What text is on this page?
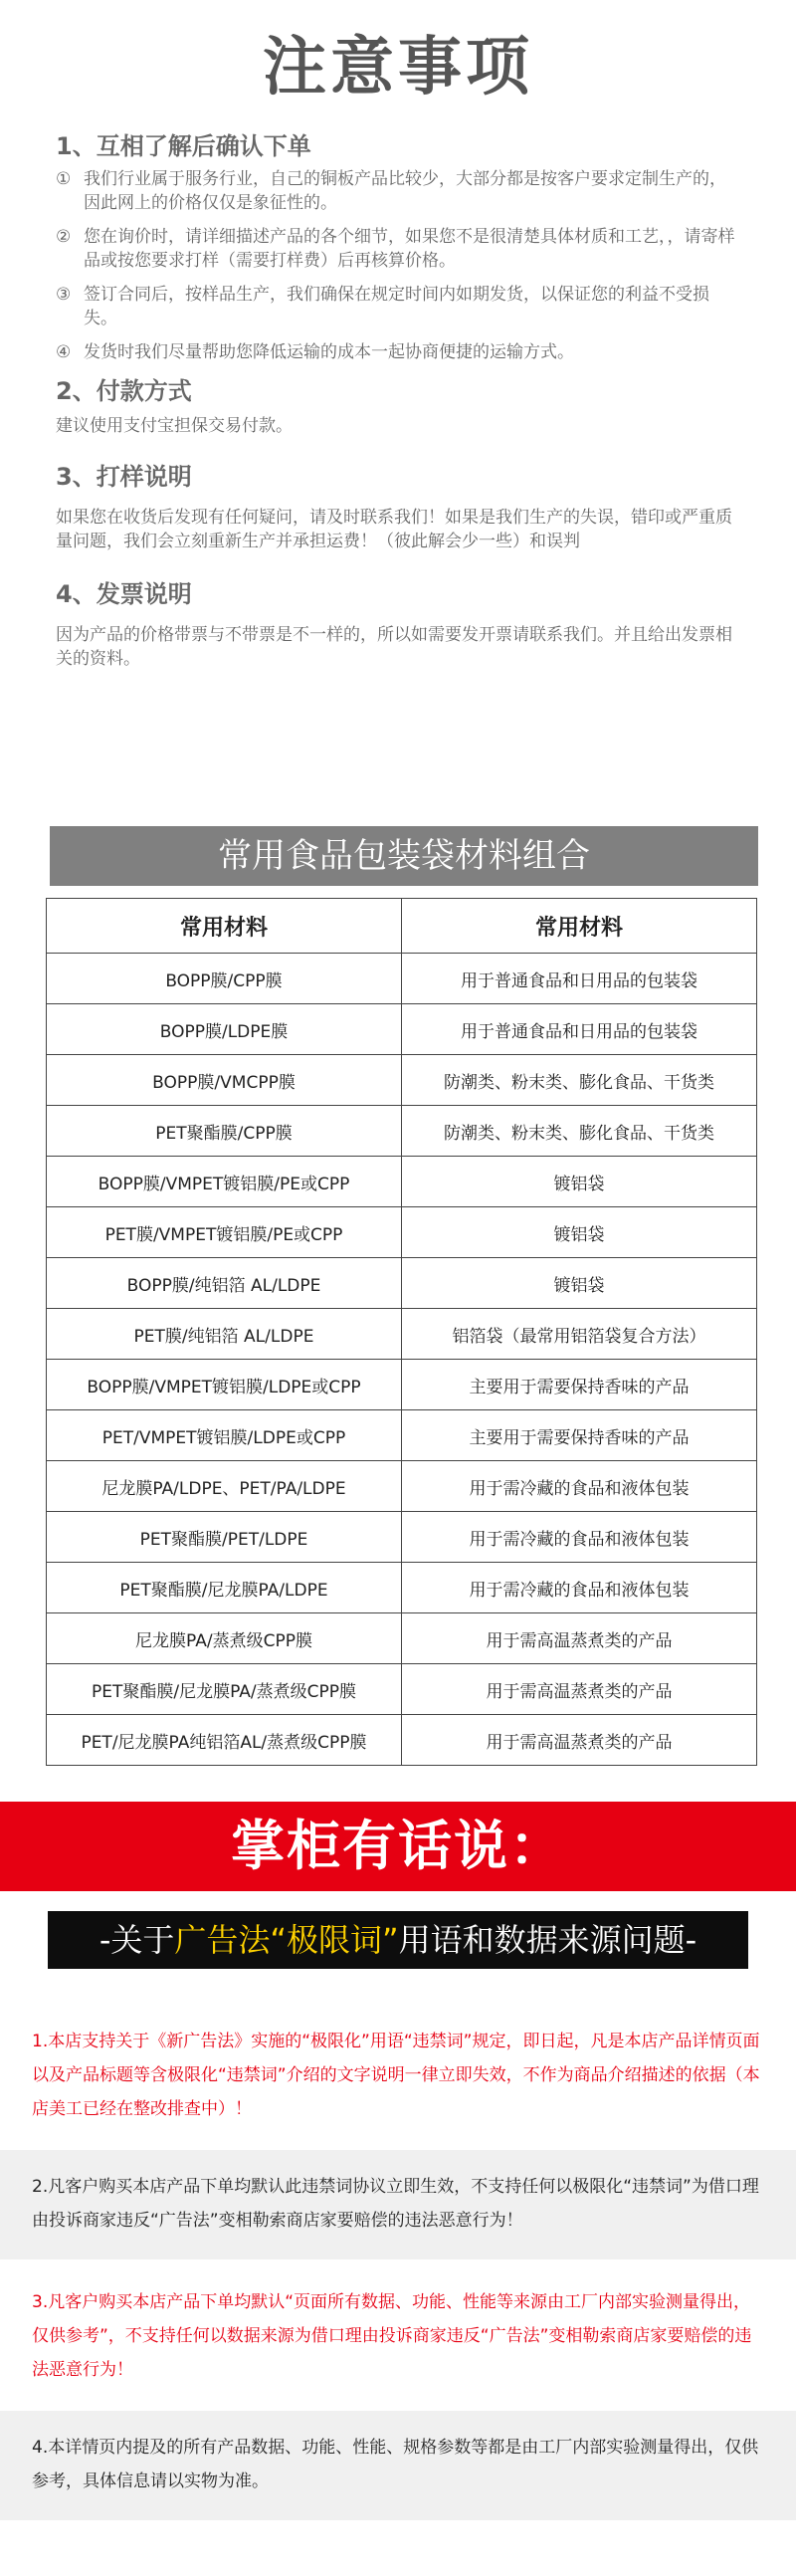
注意事项
1、互相了解后确认下单
① 我们行业属于服务行业，自己的铜板产品比较少，大部分都是按客户要求定制生产的，因此网上的价格仅仅是象征性的。
② 您在询价时，请详细描述产品的各个细节，如果您不是很清楚具体材质和工艺，，请寄样品或按您要求打样（需要打样费）后再核算价格。
③ 签订合同后，按样品生产，我们确保在规定时间内如期发货，以保证您的利益不受损失。
④ 发货时我们尽量帮助您降低运输的成本一起协商便捷的运输方式。
2、付款方式
建议使用支付宝担保交易付款。
3、打样说明
如果您在收货后发现有任何疑问，请及时联系我们！如果是我们生产的失误，错印或严重质量问题，我们会立刻重新生产并承担运费！（彼此解会少一些）和误判
4、发票说明
因为产品的价格带票与不带票是不一样的，所以如需要发开票请联系我们。并且给出发票相关的资料。
常用食品包装袋材料组合
常用材料	常用材料
BOPP膜/CPP膜	用于普通食品和日用品的包装袋
BOPP膜/LDPE膜	用于普通食品和日用品的包装袋
BOPP膜/VMCPP膜	防潮类、粉末类、膨化食品、干货类
PET聚酯膜/CPP膜	防潮类、粉末类、膨化食品、干货类
BOPP膜/VMPET镀铝膜/PE或CPP	镀铝袋
PET膜/VMPET镀铝膜/PE或CPP	镀铝袋
BOPP膜/纯铝箔 AL/LDPE	镀铝袋
PET膜/纯铝箔 AL/LDPE	铝箔袋（最常用铝箔袋复合方法）
BOPP膜/VMPET镀铝膜/LDPE或CPP	主要用于需要保持香味的产品
PET/VMPET镀铝膜/LDPE或CPP	主要用于需要保持香味的产品
尼龙膜PA/LDPE、PET/PA/LDPE	用于需冷藏的食品和液体包装
PET聚酯膜/PET/LDPE	用于需冷藏的食品和液体包装
PET聚酯膜/尼龙膜PA/LDPE	用于需冷藏的食品和液体包装
尼龙膜PA/蒸煮级CPP膜	用于需高温蒸煮类的产品
PET聚酯膜/尼龙膜PA/蒸煮级CPP膜	用于需高温蒸煮类的产品
PET/尼龙膜PA纯铝箔AL/蒸煮级CPP膜	用于需高温蒸煮类的产品
掌柜有话说：
-关于广告法“极限词”用语和数据来源问题-
1.本店支持关于《新广告法》实施的“极限化”用语“违禁词”规定，即日起，凡是本店产品详情页面以及产品标题等含极限化“违禁词”介绍的文字说明一律立即失效，不作为商品介绍描述的依据（本店美工已经在整改排查中）！
2.凡客户购买本店产品下单均默认此违禁词协议立即生效，不支持任何以极限化“违禁词”为借口理由投诉商家违反“广告法”变相勒索商店家要赔偿的违法恶意行为！
3.凡客户购买本店产品下单均默认“页面所有数据、功能、性能等来源由工厂内部实验测量得出，仅供参考”，不支持任何以数据来源为借口理由投诉商家违反“广告法”变相勒索商店家要赔偿的违法恶意行为！
4.本详情页内提及的所有产品数据、功能、性能、规格参数等都是由工厂内部实验测量得出，仅供参考，具体信息请以实物为准。
